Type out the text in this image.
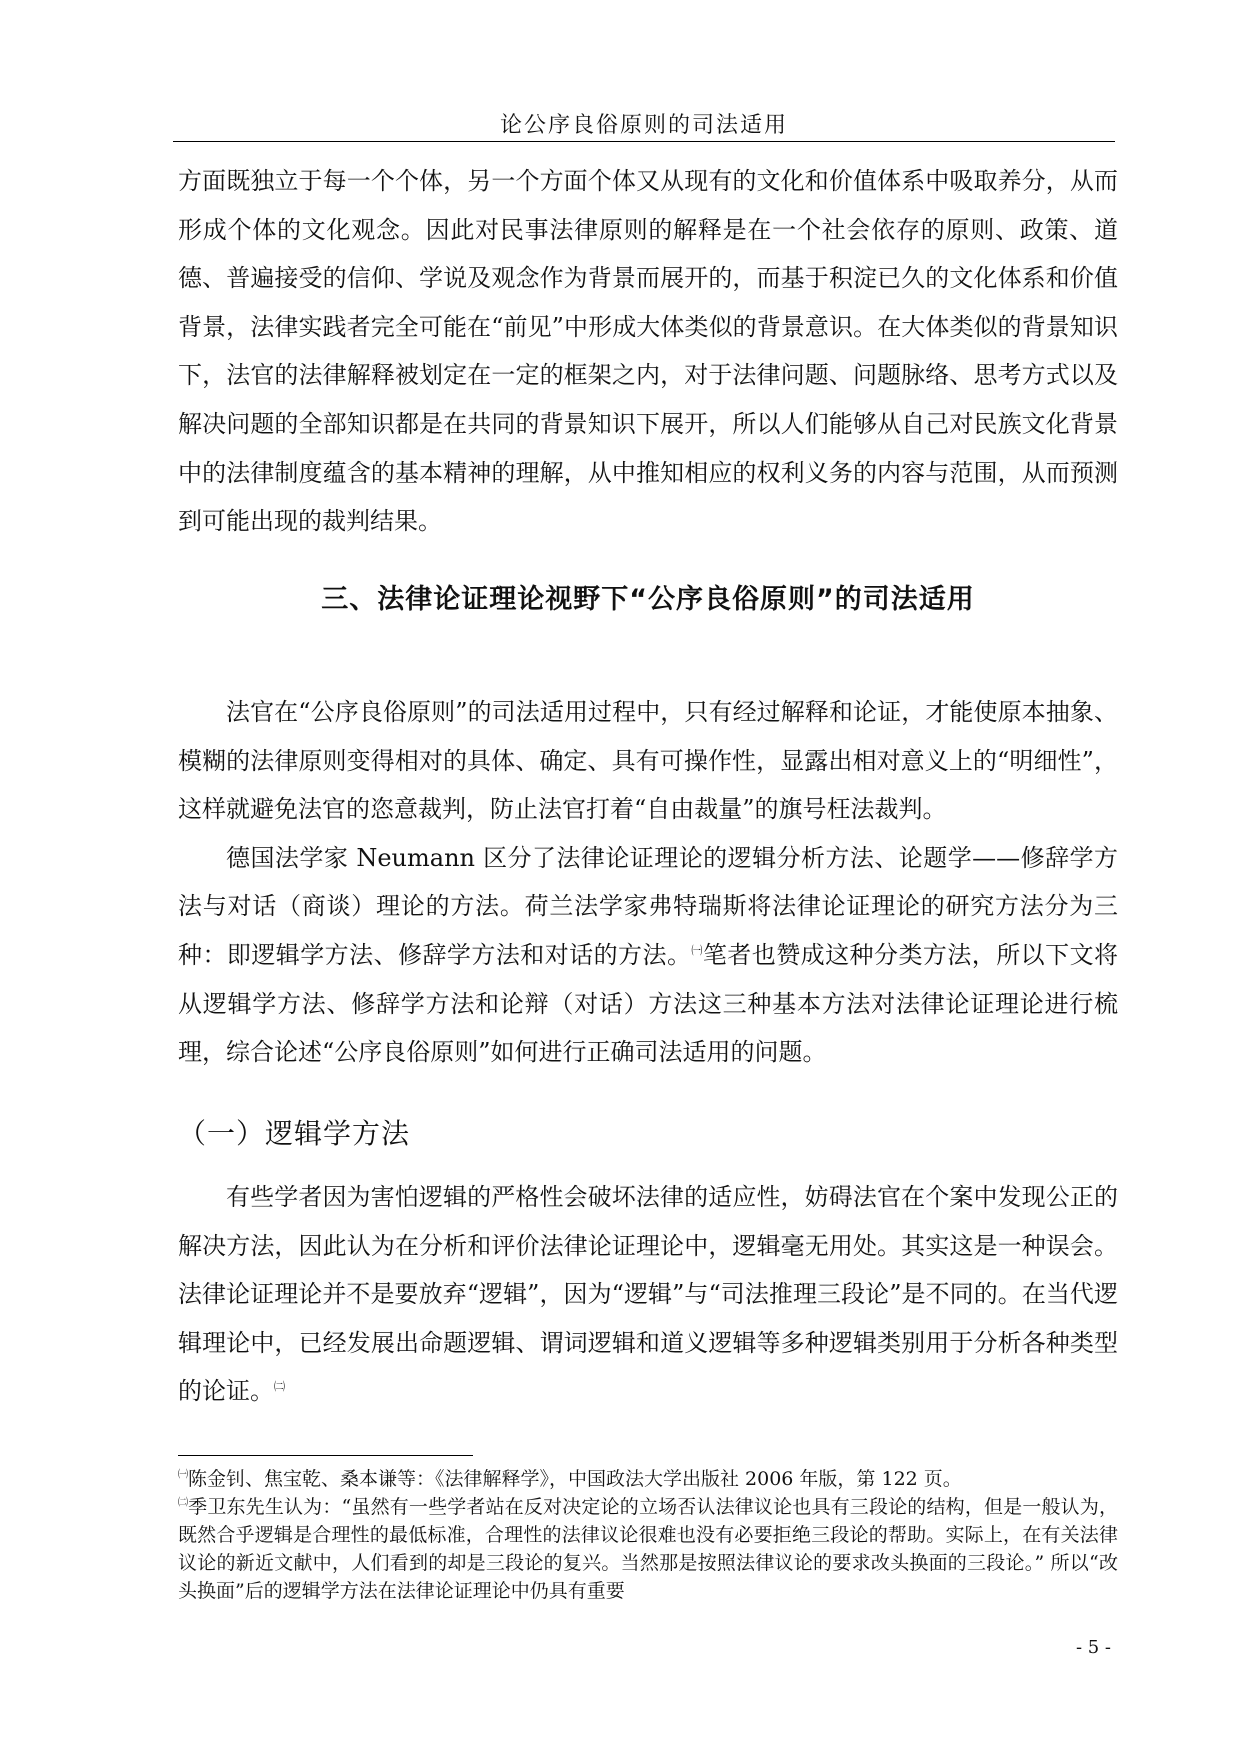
论公序良俗原则的司法适用

方面既独立于每一个个体，另一个方面个体又从现有的文化和价值体系中吸取养分，从而形成个体的文化观念。因此对民事法律原则的解释是在一个社会依存的原则、政策、道德、普遍接受的信仰、学说及观念作为背景而展开的，而基于积淀已久的文化体系和价值背景，法律实践者完全可能在“前见”中形成大体类似的背景意识。在大体类似的背景知识下，法官的法律解释被划定在一定的框架之内，对于法律问题、问题脉络、思考方式以及解决问题的全部知识都是在共同的背景知识下展开，所以人们能够从自己对民族文化背景中的法律制度蕴含的基本精神的理解，从中推知相应的权利义务的内容与范围，从而预测到可能出现的裁判结果。

三、法律论证理论视野下“公序良俗原则”的司法适用

法官在“公序良俗原则”的司法适用过程中，只有经过解释和论证，才能使原本抽象、模糊的法律原则变得相对的具体、确定、具有可操作性，显露出相对意义上的“明细性”，这样就避免法官的恣意裁判，防止法官打着“自由裁量”的旗号枉法裁判。

德国法学家 Neumann 区分了法律论证理论的逻辑分析方法、论题学——修辞学方法与对话（商谈）理论的方法。荷兰法学家弗特瑞斯将法律论证理论的研究方法分为三种：即逻辑学方法、修辞学方法和对话的方法。$^㈠$笔者也赞成这种分类方法，所以下文将从逻辑学方法、修辞学方法和论辩（对话）方法这三种基本方法对法律论证理论进行梳理，综合论述“公序良俗原则”如何进行正确司法适用的问题。

（一）逻辑学方法

有些学者因为害怕逻辑的严格性会破坏法律的适应性，妨碍法官在个案中发现公正的解决方法，因此认为在分析和评价法律论证理论中，逻辑毫无用处。其实这是一种误会。法律论证理论并不是要放弃“逻辑”，因为“逻辑”与“司法推理三段论”是不同的。在当代逻辑理论中，已经发展出命题逻辑、谓词逻辑和道义逻辑等多种逻辑类别用于分析各种类型的论证。$^㈡$

$^㈠$陈金钊、焦宝乾、桑本谦等：《法律解释学》，中国政法大学出版社 2006 年版，第 122 页。

$^㈡$季卫东先生认为：“虽然有一些学者站在反对决定论的立场否认法律议论也具有三段论的结构，但是一般认为，既然合乎逻辑是合理性的最低标准，合理性的法律议论很难也没有必要拒绝三段论的帮助。实际上，在有关法律议论的新近文献中，人们看到的却是三段论的复兴。当然那是按照法律议论的要求改头换面的三段论。” 所以“改头换面”后的逻辑学方法在法律论证理论中仍具有重要

- 5 -
